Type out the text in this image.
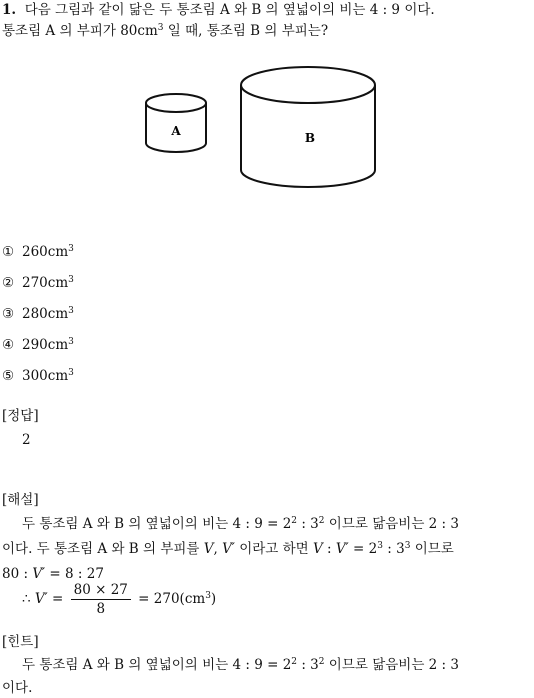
1. 다음 그림과 같이 닮은 두 통조림 A 와 B 의 옆넓이의 비는 4 : 9 이다.
통조림 A 의 부피가 $80cm^3$ 일 때, 통조림 B 의 부피는?
A	B
① $260cm^3$
② $270cm^3$
③ $280cm^3$
④ $290cm^3$
⑤ $300cm^3$
[정답]
2
[해설]
두 통조림 A 와 B 의 옆넓이의 비는 4 : $9 = 2^2$ : $3^2$ 이므로 닮음비는 2 : 3
이다. 두 통조림 A 와 B 의 부피를 V, V′ 이라고 하면 V : $V' = 2^3$ : $3^3$ 이므로
80 : V′ = 8 : 27
∴ $V' = \frac{80 \times 27}{8} = 270(cm^3)$
[힌트]
두 통조림 A 와 B 의 옆넓이의 비는 4 : $9 = 2^2$ : $3^2$ 이므로 닮음비는 2 : 3
이다.
